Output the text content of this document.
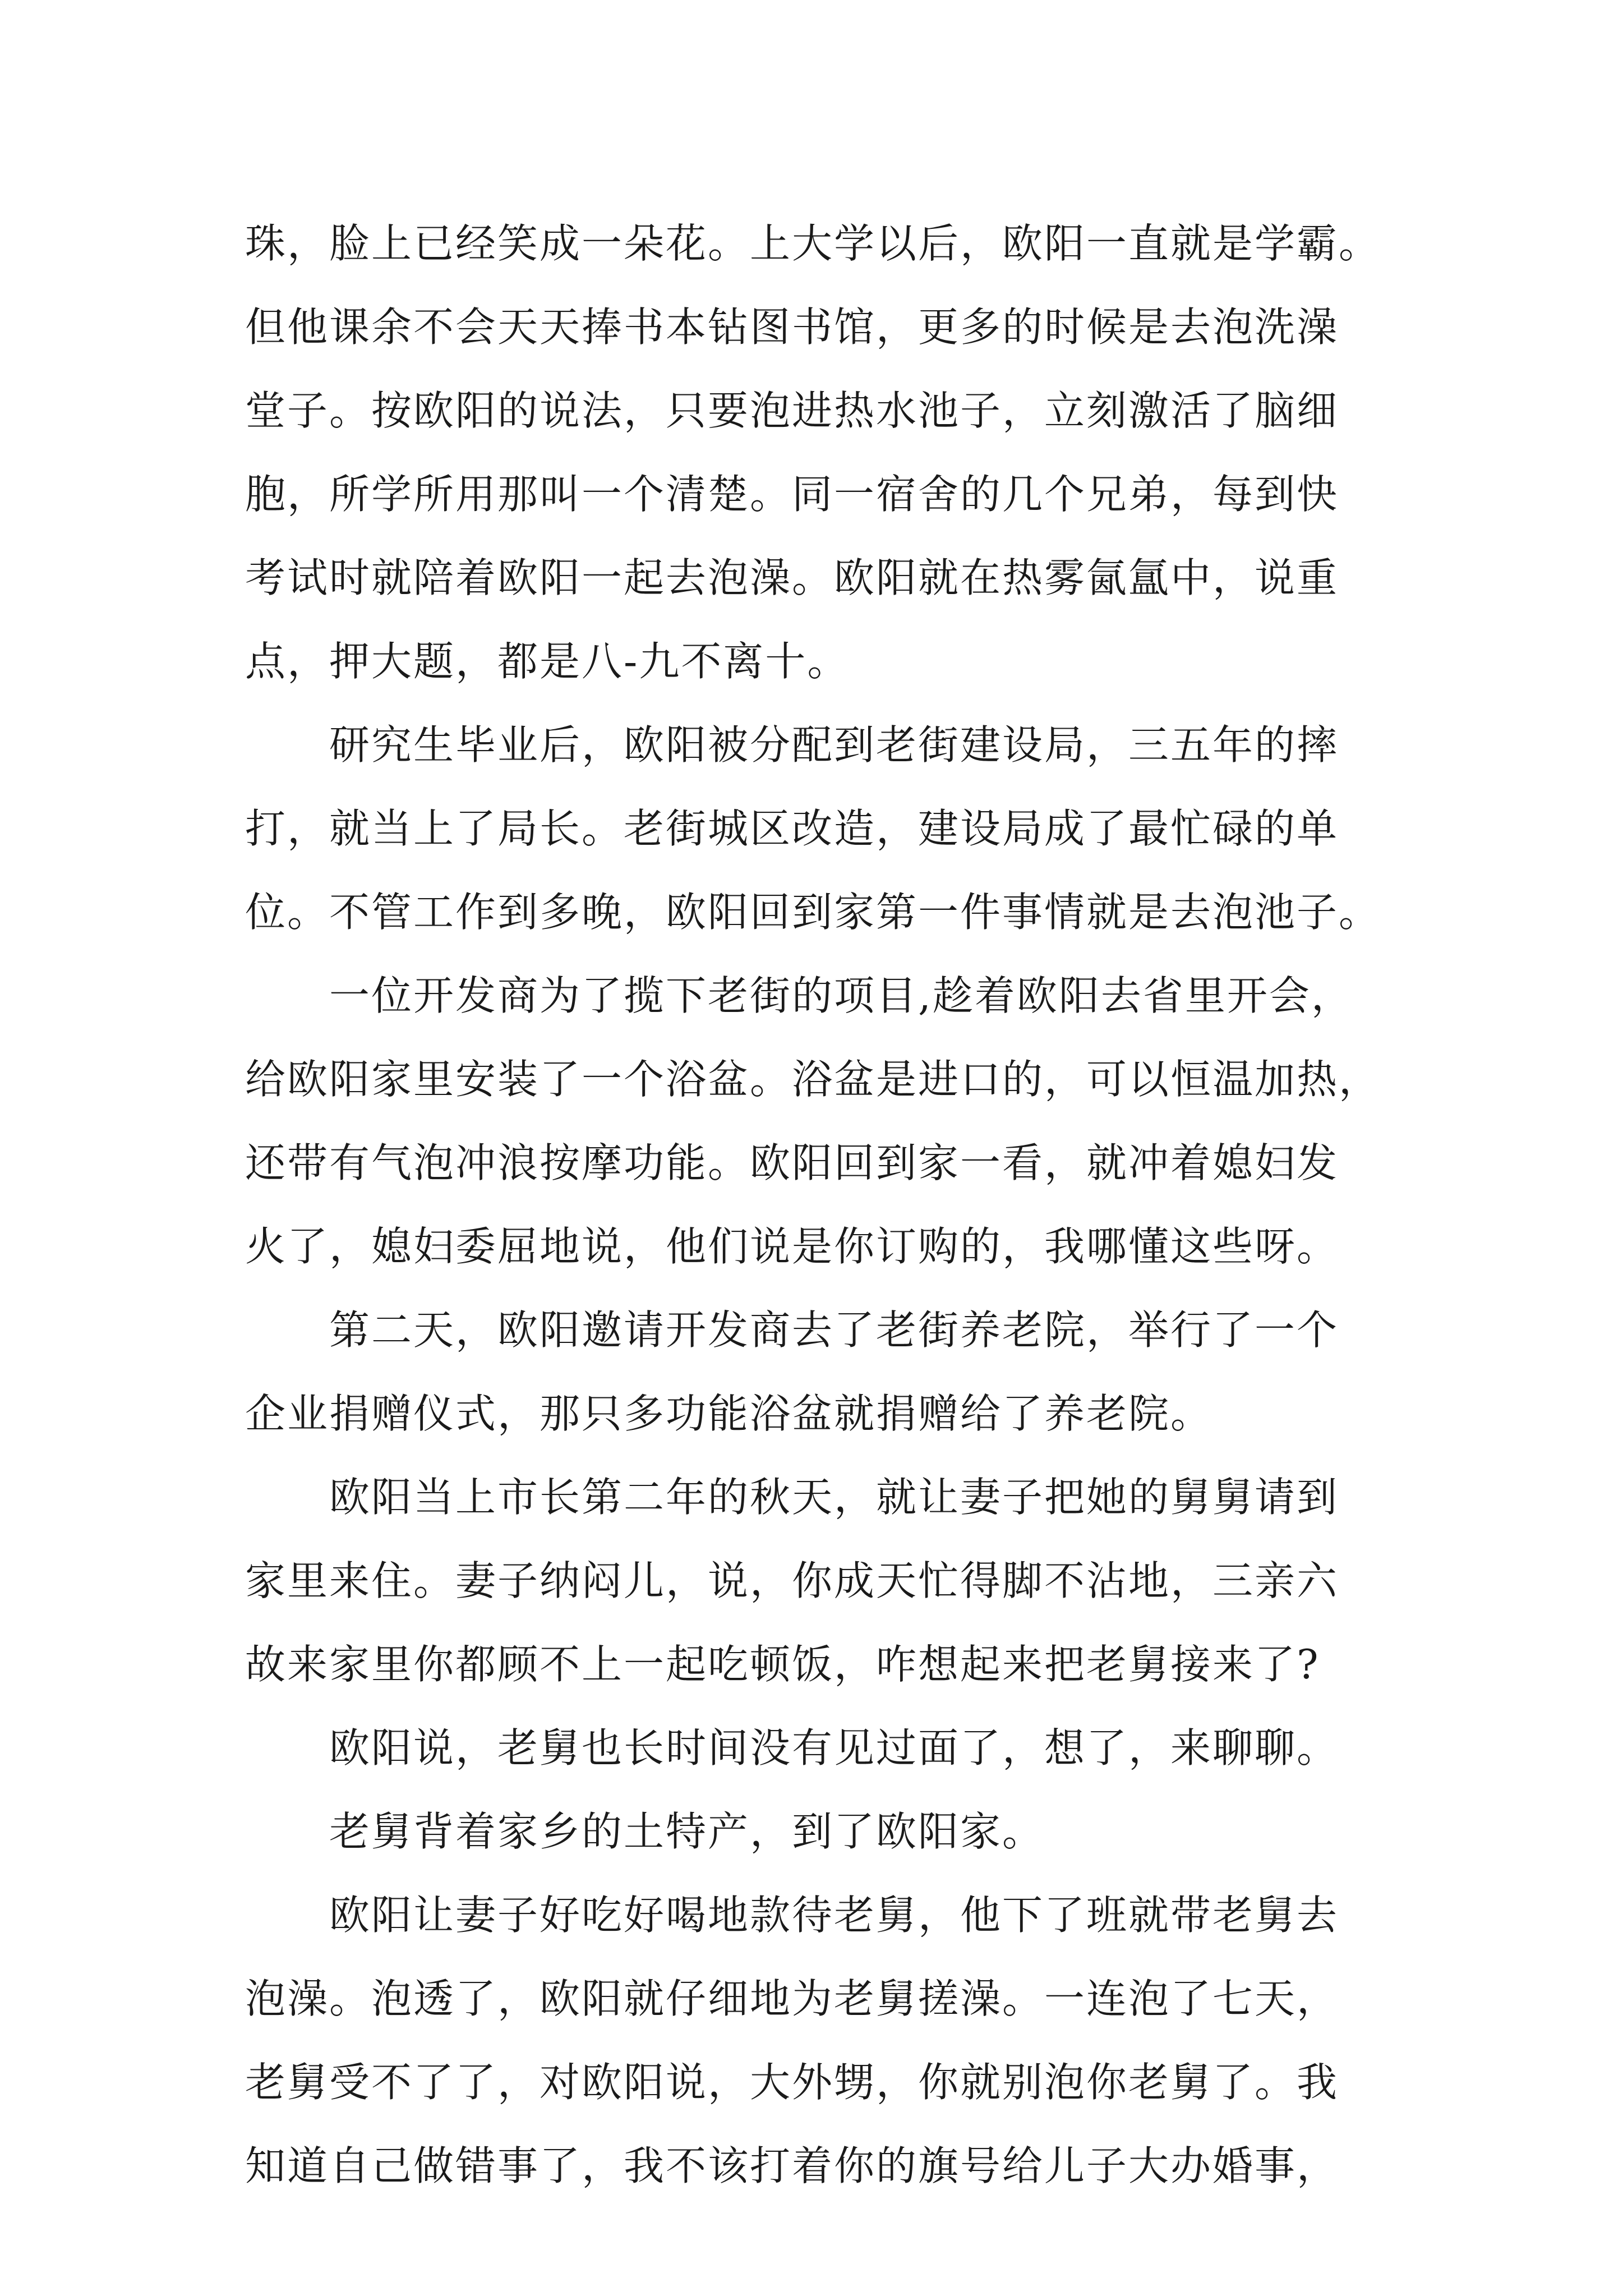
珠，脸上已经笑成一朵花。上大学以后，欧阳一直就是学霸。
但他课余不会天天捧书本钻图书馆，更多的时候是去泡洗澡
堂子。按欧阳的说法，只要泡进热水池子，立刻激活了脑细
胞，所学所用那叫一个清楚。同一宿舍的几个兄弟，每到快
考试时就陪着欧阳一起去泡澡。欧阳就在热雾氤氲中，说重
点，押大题，都是八-九不离十。
研究生毕业后，欧阳被分配到老街建设局，三五年的摔
打，就当上了局长。老街城区改造，建设局成了最忙碌的单
位。不管工作到多晚，欧阳回到家第一件事情就是去泡池子。
一位开发商为了揽下老街的项目,趁着欧阳去省里开会，
给欧阳家里安装了一个浴盆。浴盆是进口的，可以恒温加热，
还带有气泡冲浪按摩功能。欧阳回到家一看，就冲着媳妇发
火了，媳妇委屈地说，他们说是你订购的，我哪懂这些呀。
第二天，欧阳邀请开发商去了老街养老院，举行了一个
企业捐赠仪式，那只多功能浴盆就捐赠给了养老院。
欧阳当上市长第二年的秋天，就让妻子把她的舅舅请到
家里来住。妻子纳闷儿，说，你成天忙得脚不沾地，三亲六
故来家里你都顾不上一起吃顿饭，咋想起来把老舅接来了?
欧阳说，老舅也长时间没有见过面了，想了，来聊聊。
老舅背着家乡的土特产，到了欧阳家。
欧阳让妻子好吃好喝地款待老舅，他下了班就带老舅去
泡澡。泡透了，欧阳就仔细地为老舅搓澡。一连泡了七天，
老舅受不了了，对欧阳说，大外甥，你就别泡你老舅了。我
知道自己做错事了，我不该打着你的旗号给儿子大办婚事，
